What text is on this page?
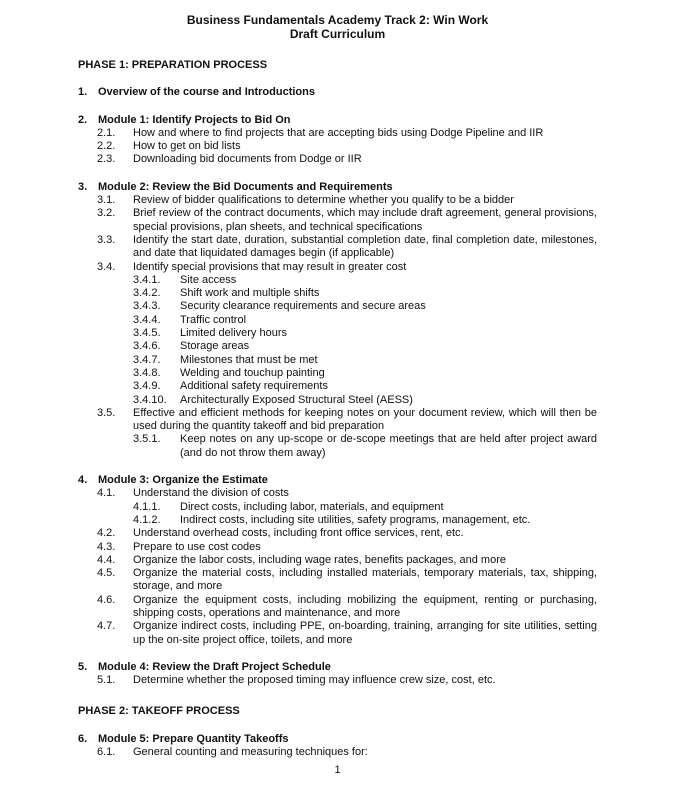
Business Fundamentals Academy Track 2: Win Work
Draft Curriculum
PHASE 1: PREPARATION PROCESS
1. Overview of the course and Introductions
2. Module 1: Identify Projects to Bid On
2.1.	How and where to find projects that are accepting bids using Dodge Pipeline and IIR
2.2.	How to get on bid lists
2.3.	Downloading bid documents from Dodge or IIR
3. Module 2: Review the Bid Documents and Requirements
3.1.	Review of bidder qualifications to determine whether you qualify to be a bidder
3.2.	Brief review of the contract documents, which may include draft agreement, general provisions, special provisions, plan sheets, and technical specifications
3.3.	Identify the start date, duration, substantial completion date, final completion date, milestones, and date that liquidated damages begin (if applicable)
3.4.	Identify special provisions that may result in greater cost
3.4.1.	Site access
3.4.2.	Shift work and multiple shifts
3.4.3.	Security clearance requirements and secure areas
3.4.4.	Traffic control
3.4.5.	Limited delivery hours
3.4.6.	Storage areas
3.4.7.	Milestones that must be met
3.4.8.	Welding and touchup painting
3.4.9.	Additional safety requirements
3.4.10.	Architecturally Exposed Structural Steel (AESS)
3.5.	Effective and efficient methods for keeping notes on your document review, which will then be used during the quantity takeoff and bid preparation
3.5.1.	Keep notes on any up-scope or de-scope meetings that are held after project award (and do not throw them away)
4. Module 3: Organize the Estimate
4.1.	Understand the division of costs
4.1.1.	Direct costs, including labor, materials, and equipment
4.1.2.	Indirect costs, including site utilities, safety programs, management, etc.
4.2.	Understand overhead costs, including front office services, rent, etc.
4.3.	Prepare to use cost codes
4.4.	Organize the labor costs, including wage rates, benefits packages, and more
4.5.	Organize the material costs, including installed materials, temporary materials, tax, shipping, storage, and more
4.6.	Organize the equipment costs, including mobilizing the equipment, renting or purchasing, shipping costs, operations and maintenance, and more
4.7.	Organize indirect costs, including PPE, on-boarding, training, arranging for site utilities, setting up the on-site project office, toilets, and more
5. Module 4: Review the Draft Project Schedule
5.1.	Determine whether the proposed timing may influence crew size, cost, etc.
PHASE 2: TAKEOFF PROCESS
6. Module 5: Prepare Quantity Takeoffs
6.1.	General counting and measuring techniques for:
1
